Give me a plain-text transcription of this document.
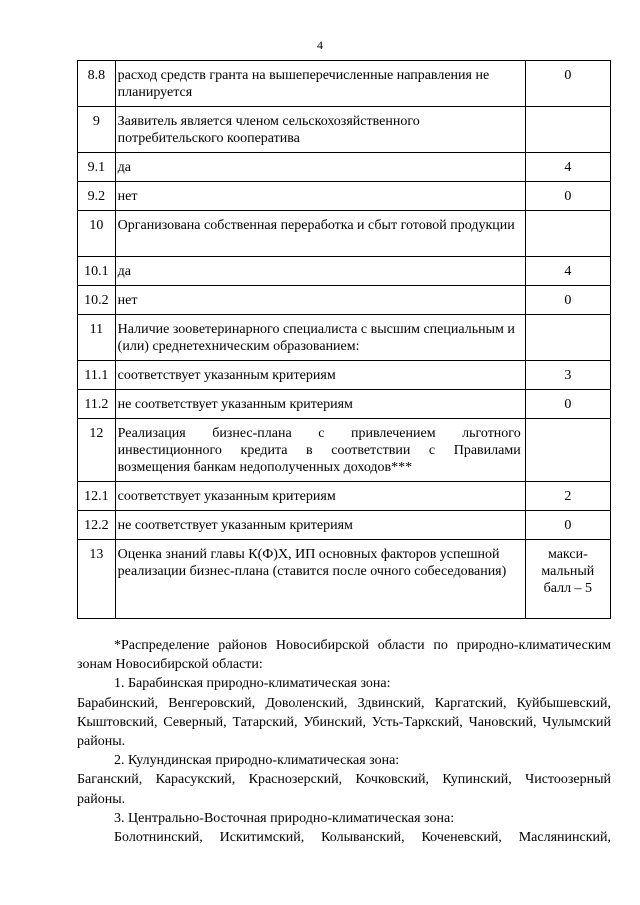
4
8.8	расход средств гранта на вышеперечисленные направления не планируется	0
9	Заявитель является членом сельскохозяйственного потребительского кооператива	
9.1	да	4
9.2	нет	0
10	Организована собственная переработка и сбыт готовой продукции	
10.1	да	4
10.2	нет	0
11	Наличие зооветеринарного специалиста с высшим специальным и (или) среднетехническим образованием:	
11.1	соответствует указанным критериям	3
11.2	не соответствует указанным критериям	0
12	Реализация бизнес-плана с привлечением льготного инвестиционного кредита в соответствии с Правилами возмещения банкам недополученных доходов***	
12.1	соответствует указанным критериям	2
12.2	не соответствует указанным критериям	0
13	Оценка знаний главы К(Ф)Х, ИП основных факторов успешной реализации бизнес-плана (ставится после очного собеседования)	макси-мальный балл – 5

*Распределение районов Новосибирской области по природно-климатическим зонам Новосибирской области:

1. Барабинская природно-климатическая зона:

Барабинский, Венгеровский, Доволенский, Здвинский, Каргатский, Куйбышевский, Кыштовский, Северный, Татарский, Убинский, Усть-Таркский, Чановский, Чулымский районы.

2. Кулундинская природно-климатическая зона:

Баганский, Карасукский, Краснозерский, Кочковский, Купинский, Чистоозерный районы.

3. Центрально-Восточная природно-климатическая зона:

Болотнинский, Искитимский, Колыванский, Коченевский, Маслянинский,
